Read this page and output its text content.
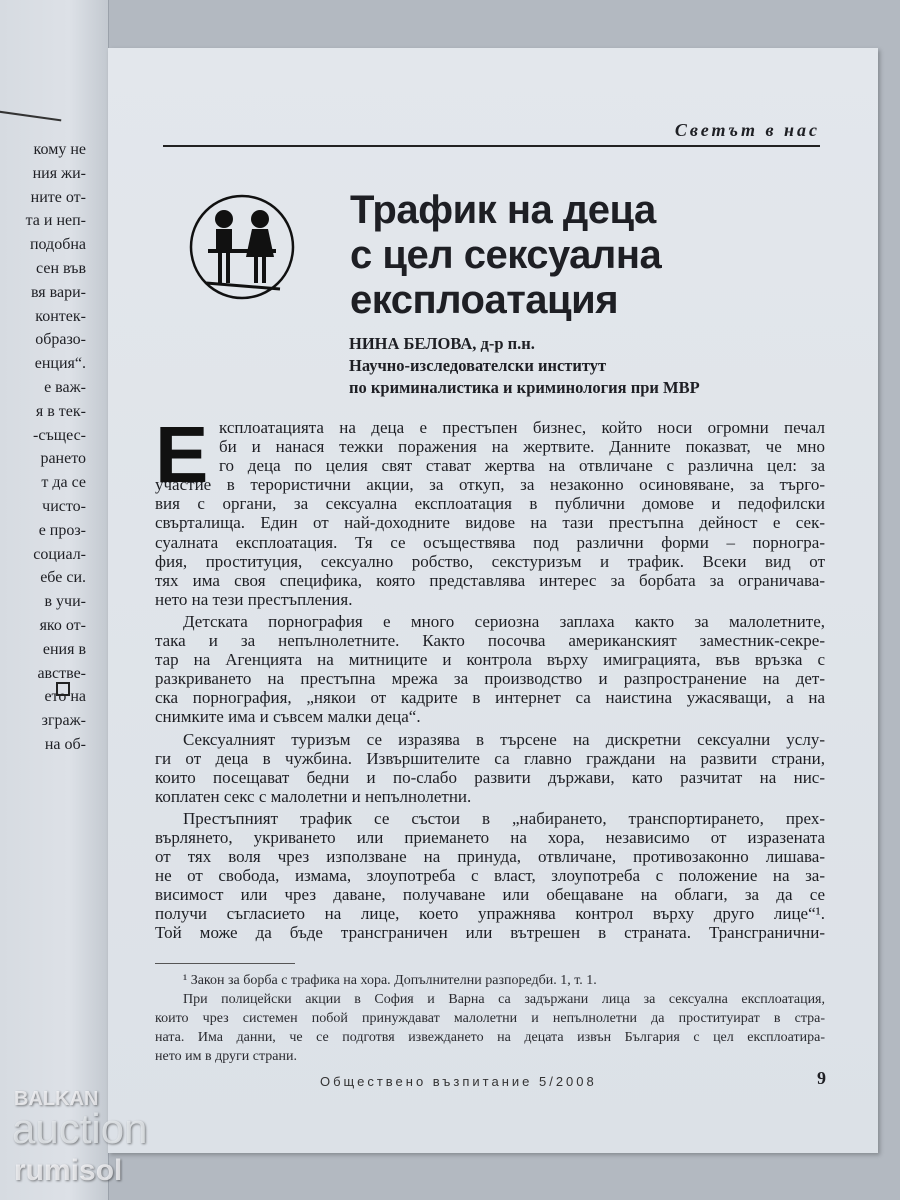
кому не
ния жи-
ните от-
та и неп-
подобна
сен във
вя вари-
контек-
образо-
енция“.
е важ-
я в тек-
-същес-
рането
т да се
чисто-
е проз-
социал-
ебе си.
в учи-
яко от-
ения в
австве-
ето на
зграж-
на об-
Светът в нас
Трафик на деца
с цел сексуална
експлоатация
НИНА БЕЛОВА, д-р п.н.
Научно-изследователски институт
по криминалистика и криминология при МВР
Е ксплоатацията на деца е престъпен бизнес, който носи огромни печал
би и нанася тежки поражения на жертвите. Данните показват, че мно
го деца по целия свят стават жертва на отвличане с различна цел: за
участие в терористични акции, за откуп, за незаконно осиновяване, за търго-
вия с органи, за сексуална експлоатация в публични домове и педофилски
свърталища. Един от най-доходните видове на тази престъпна дейност е сек-
суалната експлоатация. Тя се осъществява под различни форми – порногра-
фия, проституция, сексуално робство, секстуризъм и трафик. Всеки вид от
тях има своя специфика, която представлява интерес за борбата за ограничава-
нето на тези престъпления.
Детската порнография е много сериозна заплаха както за малолетните,
така и за непълнолетните. Както посочва американският заместник-секре-
тар на Агенцията на митниците и контрола върху имиграцията, във връзка с
разкриването на престъпна мрежа за производство и разпространение на дет-
ска порнография, „някои от кадрите в интернет са наистина ужасяващи, а на
снимките има и съвсем малки деца“.
Сексуалният туризъм се изразява в търсене на дискретни сексуални услу-
ги от деца в чужбина. Извършителите са главно граждани на развити страни,
които посещават бедни и по-слабо развити държави, като разчитат на нис-
коплатен секс с малолетни и непълнолетни.
Престъпният трафик се състои в „набирането, транспортирането, прех-
върлянето, укриването или приемането на хора, независимо от изразената
от тях воля чрез използване на принуда, отвличане, противозаконно лишава-
не от свобода, измама, злоупотреба с власт, злоупотреба с положение на за-
висимост или чрез даване, получаване или обещаване на облаги, за да се
получи съгласието на лице, което упражнява контрол върху друго лице“¹.
Той може да бъде трансграничен или вътрешен в страната. Трансгранични-
¹ Закон за борба с трафика на хора. Допълнителни разпоредби. 1, т. 1.
При полицейски акции в София и Варна са задържани лица за сексуална експлоатация,
които чрез системен побой принуждават малолетни и непълнолетни да проституират в стра-
ната. Има данни, че се подготвя извеждането на децата извън България с цел експлоатира-
нето им в други страни.
Обществено възпитание 5/2008	9
BALKAN
auction
rumisol
